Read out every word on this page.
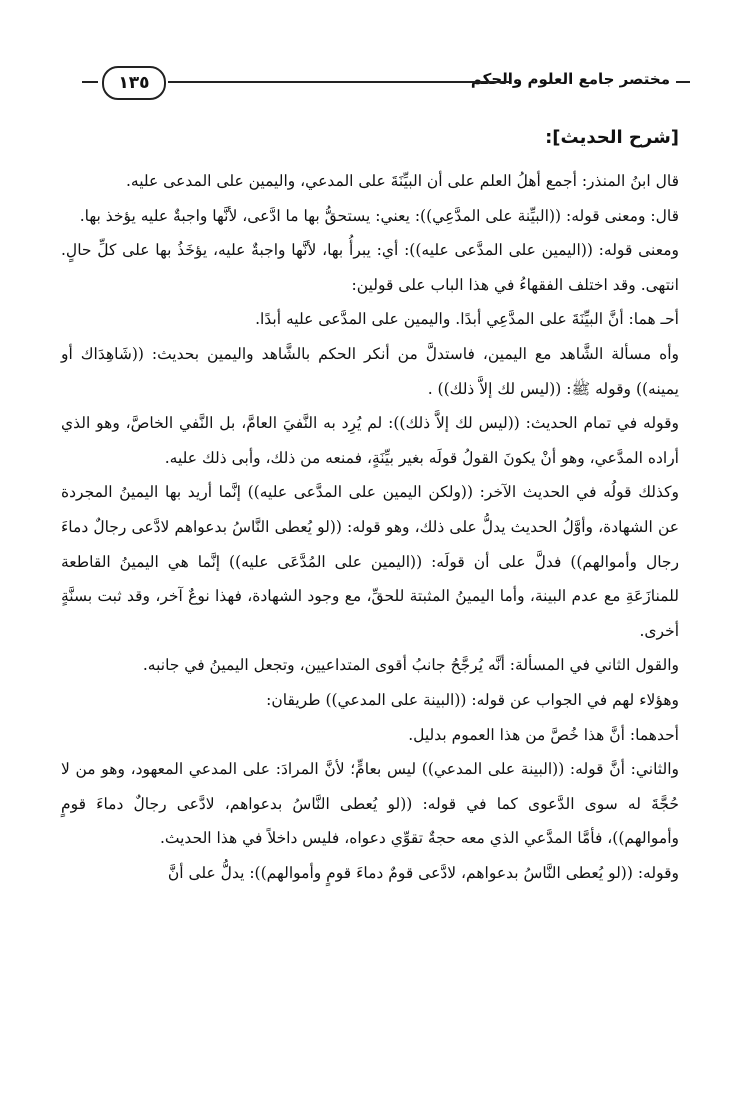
مختصر جامع العلوم والحكم
١٣٥
[شرح الحديث]:

قال ابنُ المنذر: أجمع أهلُ العلم على أن البيِّنَةَ على المدعي، واليمين على المدعى عليه.

قال: ومعنى قوله: ((البيِّنة على المدَّعِي)): يعني: يستحقُّ بها ما ادَّعى، لأنَّها واجبةٌ عليه يؤخذ بها.

ومعنى قوله: ((اليمين على المدَّعى عليه)): أي: يبرأُ بها، لأنَّها واجبةٌ عليه، يؤخَذُ بها على كلِّ حالٍ. انتهى. وقد اختلف الفقهاءُ في هذا الباب على قولين:

أحـ هما: أنَّ البيِّنَةَ على المدَّعِي أبدًا. واليمين على المدَّعى عليه أبدًا.

وأه مسألة الشَّاهد مع اليمين، فاستدلَّ من أنكر الحكم بالشَّاهد واليمين بحديث: ((شَاهِدَاك أو يمينه)) وقوله ﷺ: ((ليس لك إلاَّ ذلك)) .

وقوله في تمام الحديث: ((ليس لك إلاَّ ذلك)): لم يُرِد به النَّفيَ العامَّ، بل النَّفي الخاصَّ، وهو الذي أراده المدَّعي، وهو أنْ يكونَ القولُ قولَه بغير بيِّنَةٍ، فمنعه من ذلك، وأبى ذلك عليه.

وكذلك قولُه في الحديث الآخر: ((ولكن اليمين على المدَّعى عليه)) إنَّما أريد بها اليمينُ المجردة عن الشهادة، وأوَّلُ الحديث يدلُّ على ذلك، وهو قوله: ((لو يُعطى النَّاسُ بدعواهم لادَّعى رجالٌ دماءَ رجال وأموالهم)) فدلَّ على أن قولَه: ((اليمين على المُدَّعَى عليه)) إنَّما هي اليمينُ القاطعة للمنازَعَةِ مع عدم البينة، وأما اليمينُ المثبتة للحقِّ، مع وجود الشهادة، فهذا نوعٌ آخر، وقد ثبت بسنَّةٍ أخرى.

والقول الثاني في المسألة: أنَّه يُرجَّحُ جانبُ أقوى المتداعيين، وتجعل اليمينُ في جانبه.

وهؤلاء لهم في الجواب عن قوله: ((البينة على المدعي)) طريقان:

أحدهما: أنَّ هذا خُصَّ من هذا العموم بدليل.

والثاني: أنَّ قوله: ((البينة على المدعي)) ليس بعامٍّ؛ لأنَّ المرادَ: على المدعي المعهود، وهو من لا حُجَّةَ له سوى الدَّعوى كما في قوله: ((لو يُعطى النَّاسُ بدعواهم، لادَّعى رجالٌ دماءَ قومٍ وأموالهم))، فأمَّا المدَّعي الذي معه حجةٌ تقوِّي دعواه، فليس داخلاً في هذا الحديث.

وقوله: ((لو يُعطى النَّاسُ بدعواهم، لادَّعى قومٌ دماءَ قومٍ وأموالهم)): يدلُّ على أنَّ
